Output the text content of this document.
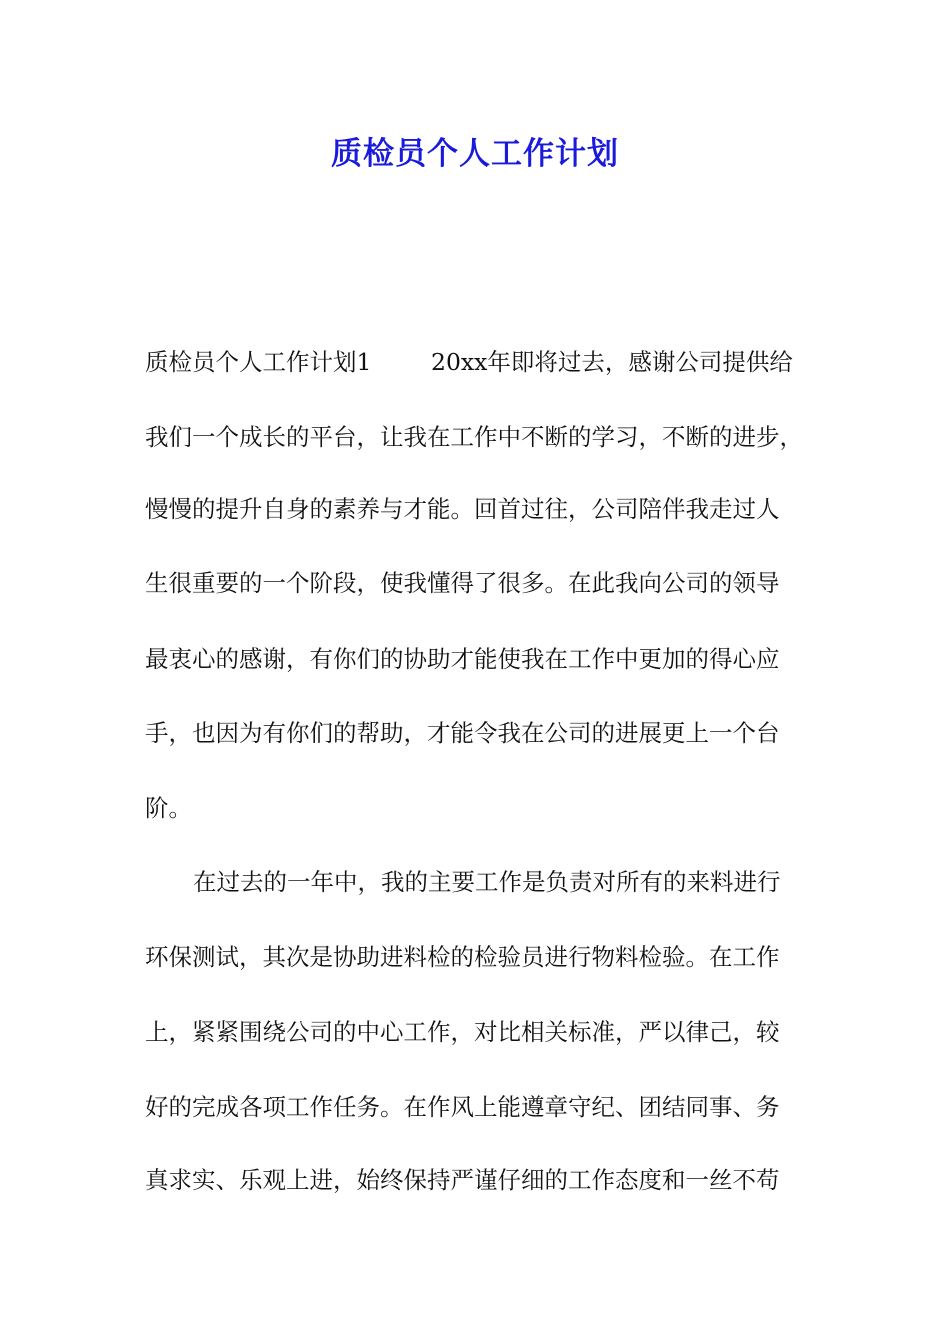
质检员个人工作计划

质检员个人工作计划1	20xx年即将过去，感谢公司提供给

我们一个成长的平台，让我在工作中不断的学习，不断的进步，

慢慢的提升自身的素养与才能。回首过往，公司陪伴我走过人

生很重要的一个阶段，使我懂得了很多。在此我向公司的领导

最衷心的感谢，有你们的协助才能使我在工作中更加的得心应

手，也因为有你们的帮助，才能令我在公司的进展更上一个台

阶。

在过去的一年中，我的主要工作是负责对所有的来料进行

环保测试，其次是协助进料检的检验员进行物料检验。在工作

上，紧紧围绕公司的中心工作，对比相关标准，严以律己，较

好的完成各项工作任务。在作风上能遵章守纪、团结同事、务

真求实、乐观上进，始终保持严谨仔细的工作态度和一丝不苟
